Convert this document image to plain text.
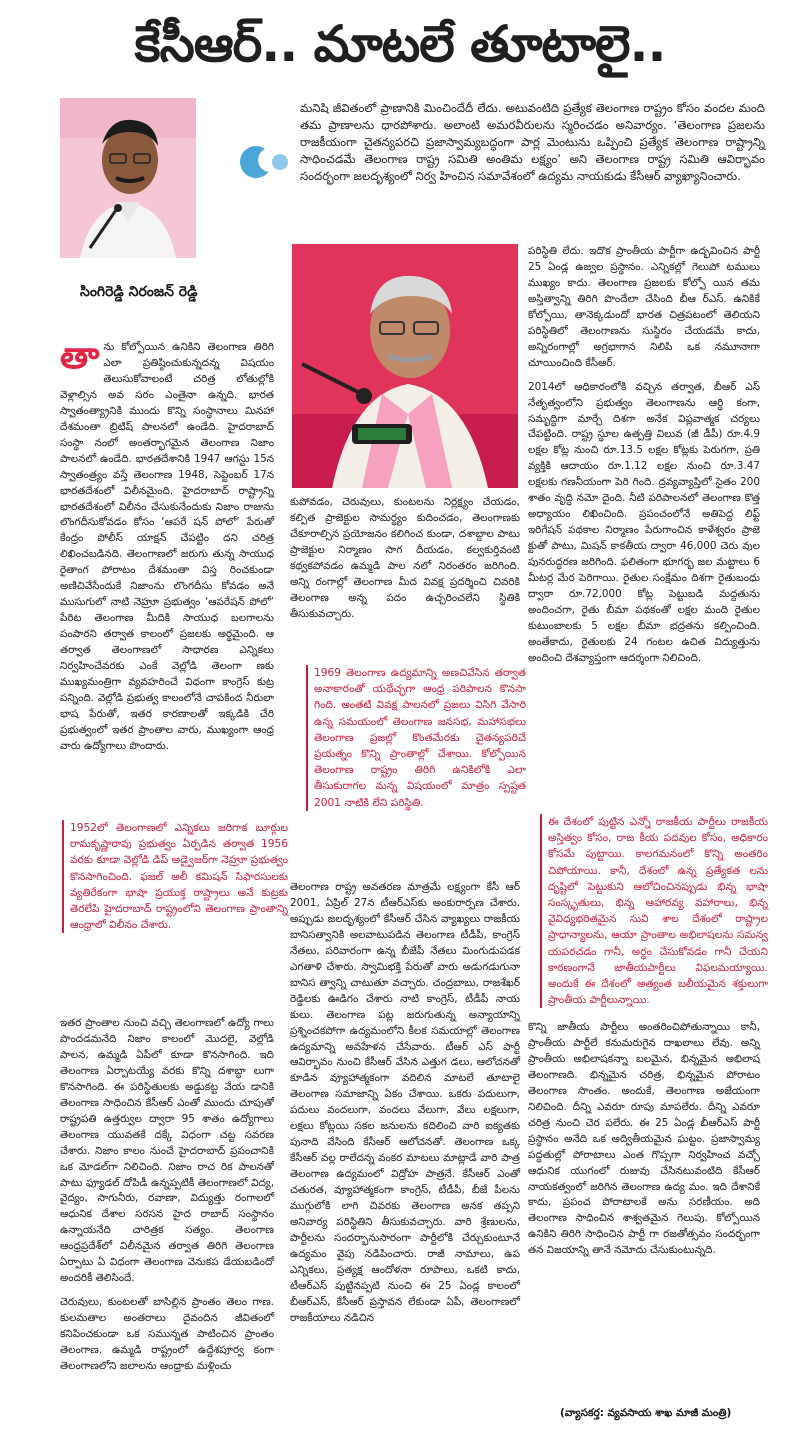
కేసీఆర్.. మాటలే తూటాలై..
సింగిరెడ్డి నిరంజన్ రెడ్డి
మనిషి జీవితంలో ప్రాణానికి మించిందేదీ లేదు. అటువంటిది ప్రత్యేక తెలంగాణ రాష్ట్రం కోసం వందల మంది తమ ప్రాణాలను ధారపోశారు. అలాంటి అమరవీరులను స్మరించడం అనివార్యం. ‘తెలంగాణ ప్రజలను రాజకీయంగా చైతన్యపరచి ప్రజాస్వామ్యబద్ధంగా పార్ల మెంటును ఒప్పించి ప్రత్యేక తెలంగాణ రాష్ట్రాన్ని సాధించడమే తెలంగాణ రాష్ట్ర సమితి అంతిమ లక్ష్యం’ అని తెలంగాణ రాష్ట్ర సమితి ఆవిర్భావం సందర్భంగా జలదృశ్యంలో నిర్వ హించిన సమావేశంలో ఉద్యమ నాయకుడు కేసీఆర్ వ్యాఖ్యానించారు.

తాను కోల్పోయిన ఉనికిని తెలంగాణ తిరిగి ఎలా ప్రతిష్ఠించుకున్నదన్న విషయం తెలుసుకోవాలంటే చరిత్ర లోతుల్లోకి వెళ్లాల్సిన అవ సరం ఎంతైనా ఉన్నది. భారత స్వాతంత్య్రానికి ముందు కొన్ని సంస్థానాలు మినహా దేశమంతా బ్రిటిష్ పాలనలో ఉండేది. హైదరాబాద్ సంస్థా నంలో అంతర్భాగమైన తెలంగాణ నిజాం పాలనలో ఉండేది. భారతదేశానికి 1947 ఆగస్టు 15న స్వాతంత్ర్యం వస్తే తెలంగాణ 1948, సెప్టెంబర్ 17న భారతదేశంలో విలీనమైంది. హైదరాబాద్ రాష్ట్రాన్ని భారతదేశంలో విలీనం చేసుకునేందుకు నిజాం రాజును లొంగదీసుకోవడం కోసం ‘ఆపరే షన్ పోలో’ పేరుతో కేంద్రం పోలీస్ యాక్షన్ చేపట్టిం దని చరిత్ర లిఖించబడిన‌ది. తెలంగాణలో జరుగు తున్న సాయుధ రైతాంగ పోరాటం దేశమంతా విస్త రించకుండా అణిచివేసేందుకే నిజాంను లొంగదీసు కోవడం అనే ముసుగులో నాటి నెహ్రూ ప్రభుత్వం ‘ఆపరేషన్ పోలో’ పేరిట తెలంగాణ మీదికి సాయుధ బలగాలను పంపారని తర్వాత కాలంలో ప్రజలకు అర్థమైంది. ఆ తర్వాత తెలంగాణలో సాధారణ ఎన్నికలు నిర్వహించేవరకు ఎంకే వెల్లోడి తెలంగా ణకు ముఖ్యమంత్రిగా వ్యవహరించే విధంగా కాంగ్రెస్ కుట్ర పన్నింది. వెల్లోడి ప్రభుత్వ కాలంలోనే చాపకింద నీరులా భాష పేరుతో, ఇతర కారణాలతో ఇక్కడికి చేరి ప్రభుత్వంలో ఇతర ప్రాంతాల వారు, ముఖ్యంగా ఆంధ్ర వారు ఉద్యోగాలు పొందారు.

1952లో తెలంగాణలో ఎన్నికలు జరిగాక బూర్గుల రామకృష్ణారావు ప్రభుత్వం ఏర్పడిన తర్వాత 1956 వరకు కూడా వెల్లోడి డిప్ అడ్వైజర్‌గా నెహ్రూ ప్రభుత్వం కొనసాగించింది. ఫజల్ అలీ కమిషన్ సిఫారసులకు వ్యతిరేకంగా భాషా ప్రయుక్త రాష్ట్రాలు అనే కుట్రకు తెరలేపి హైదరాబాద్ రాష్ట్రంలోని తెలంగాణ ప్రాంతాన్ని ఆంధ్రాలో విలీనం చేశారు.

ఇతర ప్రాంతాల నుంచి వచ్చి తెలంగాణలో ఉద్యో గాలు పొందడమనేది నిజాం కాలంలో మొదలై, వెల్లోడి పాలన, ఉమ్మడి ఏపీలో కూడా కొనసాగింది. ఇది తెలంగాణ ఏర్పాటయ్యే వరకు కొన్ని దశాబ్దా లుగా కొనసాగింది. ఈ పరిస్థితులకు అడ్డుకట్ట వేయ డానికి తెలంగాణ సాధించిన కేసీఆర్ ఎంతో ముందు చూపుతో రాష్ట్రపతి ఉత్తర్వుల ద్వారా 95 శాతం ఉద్యోగాలు తెలంగాణ యువతకే దక్కే విధంగా చట్ట సవరణ చేశారు. నిజాం కాలం నుంచే హైదరాబాద్ ప్రపంచానికి ఒక మోడల్‌గా నిలిచింది. నిజాం రాచ రిక పాలనతో పాటు ఫ్యూడల్ దోపిడీ ఉన్నప్పటికీ తెలంగాణలో విద్య, వైద్యం, సాగునీరు, రవాణా, విద్యుత్తు రంగాలలో ఆధునిక దేశాల సరసన హైద రాబాద్ సంస్థానం ఉన్నాయనేది చారిత్రక సత్యం. తెలంగాణ ఆంధ్రప్రదేశ్‌లో విలీనమైన తర్వాత తిరిగి తెలంగాణ ఏర్పాటు ఏ విధంగా తెలంగాణ వెనుకప డేయబడిందో అందరికీ తెలిసిందే.

చెరువులు, కుంటలతో బాసిల్లిన ప్రాంతం తెలం గాణ. కులమతాల అంతరాలు దైవందిన జీవితంలో కనిపించకుండా ఒక సమున్నత పాటించిన ప్రాంతం తెలంగాణ. ఉమ్మడి రాష్ట్రంలో ఉద్దేశపూర్వ కంగా తెలంగాణలోని జలాలను ఆంధ్రాకు మళ్లించు

కుపోవడం, చెరువులు, కుంటలను నిర్లక్ష్యం చేయడం, కల్పిత ప్రాజెక్టుల సామర్థ్యం కుదించడం, తెలంగాణకు చేకూరాల్సిన ప్రయోజనం కలిగించ కుండా, దశాబ్దాల పాటు ప్రాజెక్టుల నిర్మాణం సాగ దీయడం, కల్వకుర్తివంటి కథ్వకపోవడం ఉమ్మడి పాల నలో నిరంతరం జరిగింది. అన్ని రంగాల్లో తెలంగాణ మీద వివక్ష ప్రదర్శించి చివరికి తెలంగాణ అన్న పదం ఉచ్చరించలేని స్థితికి తీసుకువచ్చారు.

1969 తెలంగాణ ఉద్యమాన్ని అణచివేసిన తర్వాత అనాకారంతో యథేచ్ఛగా ఆంధ్ర పరిపాలన కొనసా గింది. అంతటి వివక్ష పాలనలో ప్రజలు విసిగి వేసారి ఉన్న సమయంలో తెలంగాణ జనసభ, మహాసభలు తెలంగాణ ప్రజల్లో కొంతమేరకు చైతన్యపరిచే ప్రయత్నం కొన్ని ప్రాంతాల్లో చేశాయి. కోల్పోయిన తెలంగాణ రాష్ట్రం తిరిగి ఉనికిలోకి ఎలా తీసుకురాగల మన్న విషయంలో మాత్రం స్పష్టత 2001 నాటికి లేని పరిస్థితి.

తెలంగాణ రాష్ట్ర అవతరణ మాత్రమే లక్ష్యంగా కేసీ ఆర్ 2001, ఏప్రిల్ 27న టీఆర్ఎస్‌కు అంకురార్పణ చేశారు. అప్పుడు జలదృశ్యంలో కేసీఆర్ చేసిన వ్యాఖ్యలు రాజకీయ బానిసత్వానికి అలవాటుపడిన తెలంగాణ టీడీపీ, కాంగ్రెస్ నేతలు, పరివారంగా ఉన్న బీజేపీ నేతలు మింగుడుపడక ఎగతాళి చేశారు. స్వామిభక్తి పేరుతో వారు అడుగడుగునా బానిస త్వాన్ని చాటుతూ వచ్చారు. చంద్రబాబు, రాజశేఖర్ రెడ్డిలకు ఊడిగం చేశారు నాటి కాంగ్రెస్, టీడీపీ నాయ కులు. తెలంగాణ పట్ల జరుగుతున్న అన్యాయాన్ని ప్రశ్నించకపోగా ఉద్యమంలోని కీలక సమయాల్లో తెలంగాణ ఉద్యమాన్ని అవహేళన చేసేవారు. టీఆర్ ఎస్ పార్టీ ఆవిర్భావం నుంచి కేసీఆర్ వేసిన ఎత్తుగ డలు, ఆలోచనతో కూడిన వ్యూహాత్మకంగా వదిలిన మాటలే తూటాలై తెలంగాణ సమాజాన్ని ఏకం చేశాయి. ఒకరు పదులుగా, పదులు వందలుగా, వందలు వేలుగా, వేలు లక్షలుగా, లక్షలు కోట్లయి సకల జనులను కదిలించి వారి ఐక్యతకు పునాది వేసింది కేసీఆర్ ఆలోచనతో. తెలంగాణ ఒక్క కేసీఆర్ వల్ల రాలేదన్న వంకర మాటలు మాట్లాడే వారి పాత్ర తెలంగాణ ఉద్యమంలో విద్రోహ పాత్రనే. కేసీఆర్ ఎంతో చతురత, వ్యూహాత్మకంగా కాంగ్రెస్, టీడీపీ, బీజే పీలను ముగ్గులోకి లాగి చివరకు తెలంగాణ అనక తప్పని అనివార్య పరిస్థితిని తీసుకువచ్చారు. వారి శ్రేణులను, పార్టీలను సందర్భానుసారంగా పార్టీలోకి చేర్చుకుంటూనే ఉద్యమం వైపు నడిపించారు. రాజీ నామాలు, ఉప ఎన్నికలు, ప్రత్యక్ష ఆందోళనా రూపాలు, ఒకటి కాదు, టీఆర్ఎస్ పుట్టినప్పటి నుంచి ఈ 25 ఏండ్ల కాలంలో బీఆర్ఎస్, కేసీఆర్ ప్రస్తావన లేకుండా ఏపీ, తెలంగాణలో రాజకీయాలు నడిచిన

పరిస్థితి లేదు. ఇదొక ప్రాంతీయ పార్టీగా ఉద్భవించిన పార్టీ 25 ఏండ్ల ఉజ్వల ప్రస్థానం. ఎన్నికల్లో గెలుపో టములు ముఖ్యం కాదు. తెలంగాణ ప్రజలకు కోల్పో యిన తమ అస్తిత్వాన్ని తిరిగి పొందేలా చేసింది బీఆ ర్ఎస్. ఉనికికే కోల్పోయి, తానెక్కడుందో భారత చిత్రపటంలో తెలియని పరిస్థితిలో తెలంగాణను సుస్థిరం చేయడమే కాదు, అన్నిరంగాల్లో అగ్రభాగాన నిలిపి ఒక నమూనాగా చూయించింది కేసీఆర్.

2014లో అధికారంలోకి వచ్చిన తర్వాత, బీఆర్ ఎస్ నేతృత్వంలోని ప్రభుత్వం తెలంగాణను ఆర్థి కంగా, సమృద్ధిగా మార్చే దిశగా అనేక విప్లవాత్మక చర్యలు చేపట్టింది. రాష్ట్ర స్థూల ఉత్పత్తి విలువ (జీ డీపీ) రూ.4.9 లక్షల కోట్ల నుంచి రూ.13.5 లక్షల కోట్లకు పెరుగగా, ప్రతి వ్యక్తికి ఆదాయం రూ.1.12 లక్షల నుంచి రూ.3.47 లక్షలకు గణనీయంగా పెరి గింది. ద్రవ్యవ్యాప్తిలో సైతం 200 శాతం వృద్ధి నమో దైంది. నీటి పరిపాలనలో తెలంగాణ కొత్త అధ్యాయం లిఖించింది. ప్రపంచంలోనే అతిపెద్ద లిఫ్ట్ ఇరిగేషన్ పథకాల నిర్మాణం పేరుగాంచిన కాళేశ్వరం ప్రాజె క్టుతో పాటు, మిషన్ కాకతీయ ద్వారా 46,000 చెరు వుల పునరుద్ధరణ జరిగింది. ఫలితంగా భూగర్భ జల మట్టాలు 6 మీటర్ల మేర పెరిగాయి. రైతుల సంక్షేమం దిశగా రైతుబంధు ద్వారా రూ.72,000 కోట్ల పెట్టుబడి మద్దతును అందించగా, రైతు బీమా పథకంతో లక్షల మంది రైతుల కుటుంబాలకు 5 లక్షల బీమా భద్రతను కల్పించింది. అంతేకాదు, రైతులకు 24 గంటల ఉచిత విద్యుత్తును అందించి దేశవ్యాప్తంగా ఆదర్శంగా నిలిచింది.

ఈ దేశంలో పుట్టిన ఎన్నో రాజకీయ పార్టీలు రాజకీయ అస్తిత్వం కోసం, రాజ కీయ పదవుల కోసం, అధికారం కోసమే పుట్టాయి. కాలగమనంలో కొన్ని అంతరిం చిపోయాయి. కానీ, దేశంలో ఉన్న ప్రత్యేకత లను దృష్టిలో పెట్టుకుని ఆలోచించినప్పుడు భిన్న భాషా సంస్కృతులు, భిన్న ఆహారవ్య వహారాలు, భిన్న వైవిధ్యభరితమైన సువి శాల దేశంలో రాష్ట్రాల ప్రాధాన్యాలను, ఆయా ప్రాంతాల అభిలాషలను సమన్వ యపరచడం గానీ, అర్థం చేసుకోవడం గానీ చేయని కారణంగానే జాతీయపార్టీలు విఫలమయ్యాయి. అందుకే ఈ దేశంలో అత్యంత బలీయమైన శక్తులుగా ప్రాంతీయ పార్టీలున్నాయి.

కొన్ని జాతీయ పార్టీలు అంతరించిపోతున్నాయి కానీ, ప్రాంతీయ పార్టీలే కనుమరుగైన దాఖలాలు లేవు. అన్ని ప్రాంతీయ అభిలాషకన్నా బలమైన, భిన్నమైన అభిలాష తెలంగాణది. భిన్నమైన చరిత్ర, భిన్నమైన పోరాటం తెలంగాణ సొంతం. అందుకే, తెలంగాణ అజేయంగా నిలిచింది. దీన్ని ఎవరూ రూపు మాపలేరు. దీన్ని ఎవరూ చరిత్ర నుంచి చెర పలేరు. ఈ 25 ఏండ్ల బీఆర్ఎస్ పార్టీ ప్రస్థానం అనేది ఒక అద్వితీయమైన ఘట్టం. ప్రజాస్వామ్య పద్ధతుల్లో పోరాటాలు ఎంత గొప్పగా నిర్వహించ వచ్చో ఆధునిక యుగంలో రుజువు చేసినటువంటిది కేసీఆర్ నాయకత్వంలో జరిగిన తెలంగాణ ఉద్య మం. ఇది దేశానికే కాదు, ప్రపంచ పోరాటాలకే అను సరణీయం. అది తెలంగాణ సాధించిన శాశ్వతమైన గెలుపు. కోల్పోయిన ఉనికిని తిరిగి సాధించిన పార్టీ గా రజతోత్సవం సందర్భంగా తన విజయాన్ని తానే నమోదు చేసుకుంటున్నది.

(వ్యాసకర్త: వ్యవసాయ శాఖ మాజీ మంత్రి)
